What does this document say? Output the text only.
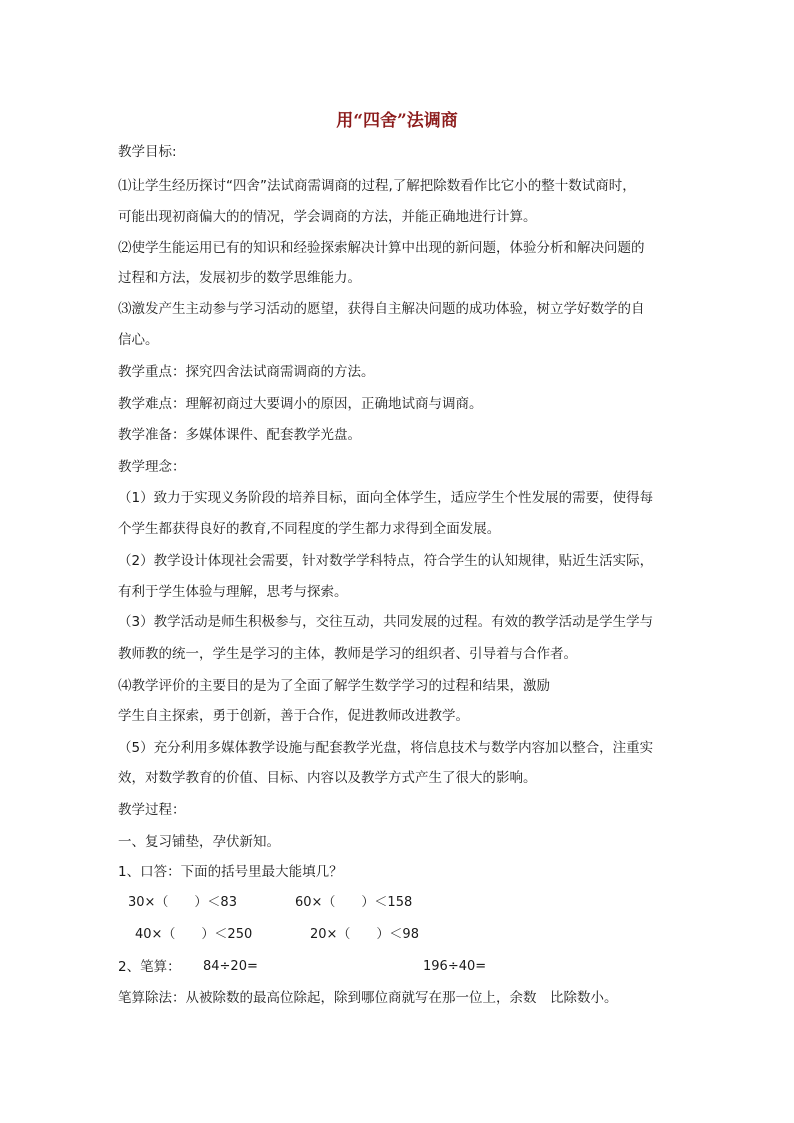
用“四舍”法调商
教学目标:
⑴让学生经历探讨“四舍”法试商需调商的过程,了解把除数看作比它小的整十数试商时，
可能出现初商偏大的的情况，学会调商的方法，并能正确地进行计算。
⑵使学生能运用已有的知识和经验探索解决计算中出现的新问题，体验分析和解决问题的
过程和方法，发展初步的数学思维能力。
⑶激发产生主动参与学习活动的愿望，获得自主解决问题的成功体验，树立学好数学的自
信心。
教学重点：探究四舍法试商需调商的方法。
教学难点：理解初商过大要调小的原因，正确地试商与调商。
教学准备：多媒体课件、配套教学光盘。
教学理念：
（1）致力于实现义务阶段的培养目标，面向全体学生，适应学生个性发展的需要，使得每
个学生都获得良好的教育,不同程度的学生都力求得到全面发展。
（2）教学设计体现社会需要，针对数学学科特点，符合学生的认知规律，贴近生活实际，
有利于学生体验与理解，思考与探索。
（3）教学活动是师生积极参与，交往互动，共同发展的过程。有效的教学活动是学生学与
教师教的统一，学生是学习的主体，教师是学习的组织者、引导着与合作者。
⑷教学评价的主要目的是为了全面了解学生数学学习的过程和结果，激励
学生自主探索，勇于创新，善于合作，促进教师改进教学。
（5）充分利用多媒体教学设施与配套教学光盘，将信息技术与数学内容加以整合，注重实
效，对数学教育的价值、目标、内容以及教学方式产生了很大的影响。
教学过程：
一、复习铺垫，孕伏新知。
1、口答：下面的括号里最大能填几？
30×（　　）＜83	60×（　　）＜158
40×（　　）＜250	20×（　　）＜98
2、笔算： 84÷20=	196÷40=
笔算除法：从被除数的最高位除起，除到哪位商就写在那一位上，余数　比除数小。
